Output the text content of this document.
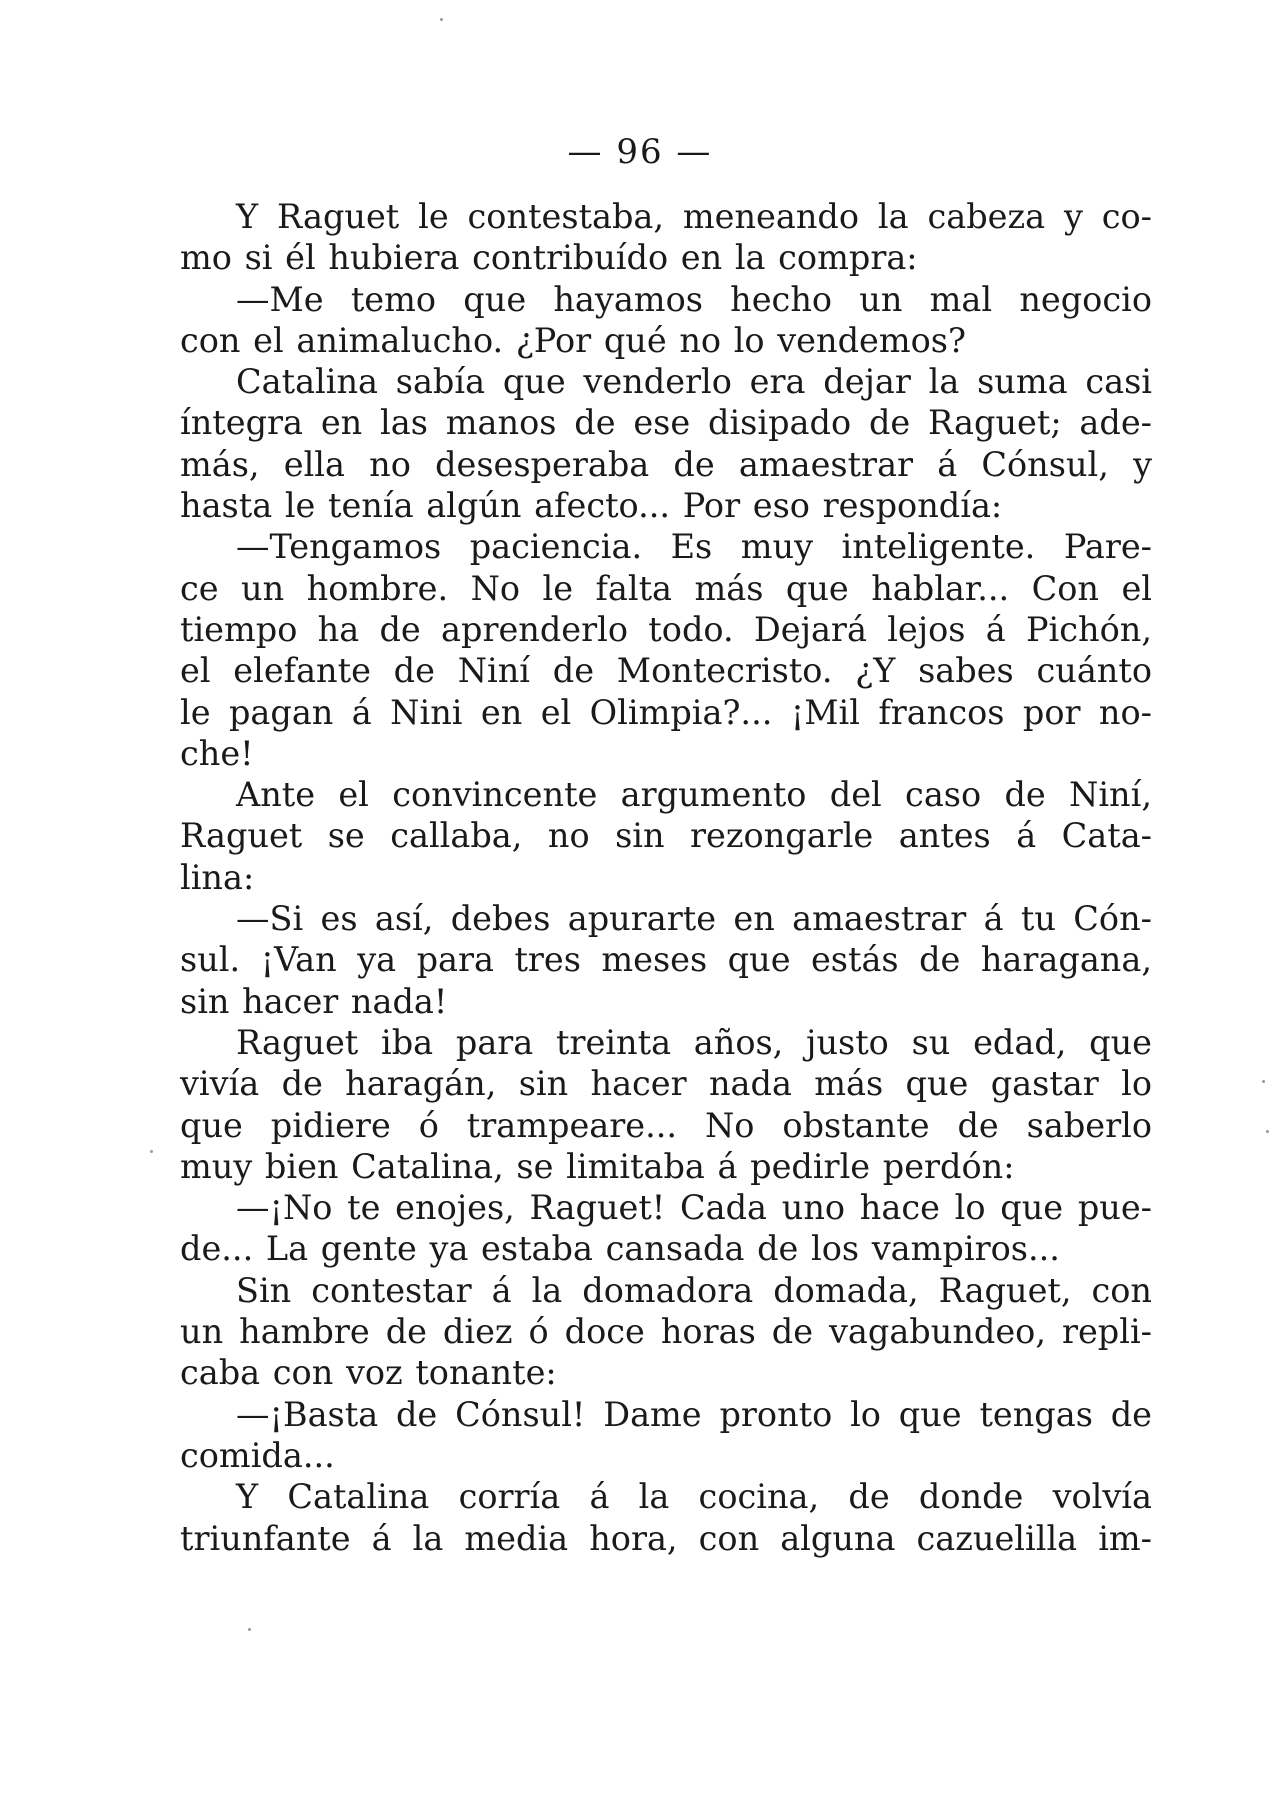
— 96 —
Y Raguet le contestaba, meneando la cabeza y co-
mo si él hubiera contribuído en la compra:
—Me temo que hayamos hecho un mal negocio
con el animalucho. ¿Por qué no lo vendemos?
Catalina sabía que venderlo era dejar la suma casi
íntegra en las manos de ese disipado de Raguet; ade-
más, ella no desesperaba de amaestrar á Cónsul, y
hasta le tenía algún afecto... Por eso respondía:
—Tengamos paciencia. Es muy inteligente. Pare-
ce un hombre. No le falta más que hablar... Con el
tiempo ha de aprenderlo todo. Dejará lejos á Pichón,
el elefante de Niní de Montecristo. ¿Y sabes cuánto
le pagan á Nini en el Olimpia?... ¡Mil francos por no-
che!
Ante el convincente argumento del caso de Niní,
Raguet se callaba, no sin rezongarle antes á Cata-
lina:
—Si es así, debes apurarte en amaestrar á tu Cón-
sul. ¡Van ya para tres meses que estás de haragana,
sin hacer nada!
Raguet iba para treinta años, justo su edad, que
vivía de haragán, sin hacer nada más que gastar lo
que pidiere ó trampeare... No obstante de saberlo
muy bien Catalina, se limitaba á pedirle perdón:
—¡No te enojes, Raguet! Cada uno hace lo que pue-
de... La gente ya estaba cansada de los vampiros...
Sin contestar á la domadora domada, Raguet, con
un hambre de diez ó doce horas de vagabundeo, repli-
caba con voz tonante:
—¡Basta de Cónsul! Dame pronto lo que tengas de
comida...
Y Catalina corría á la cocina, de donde volvía
triunfante á la media hora, con alguna cazuelilla im-
